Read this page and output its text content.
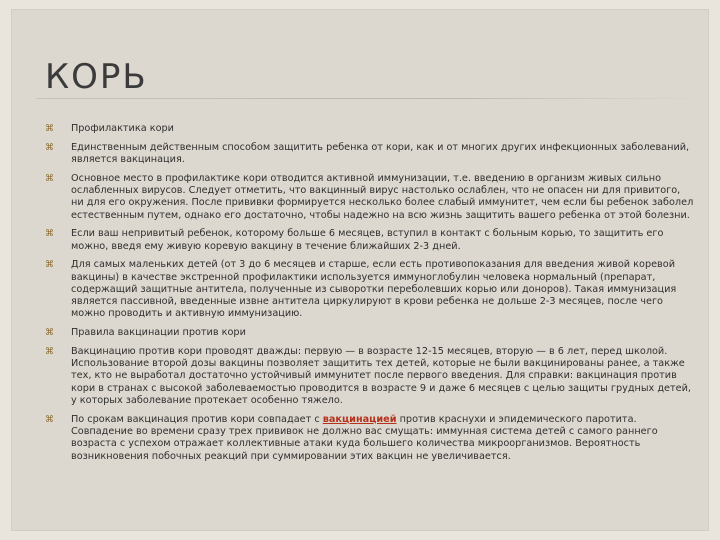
КОРЬ
⌘ Профилактика кори
⌘ Единственным действенным способом защитить ребенка от кори, как и от многих других инфекционных заболеваний, является вакцинация.
⌘ Основное место в профилактике кори отводится активной иммунизации, т.е. введению в организм живых сильно ослабленных вирусов. Следует отметить, что вакцинный вирус настолько ослаблен, что не опасен ни для привитого, ни для его окружения. После прививки формируется несколько более слабый иммунитет, чем если бы ребенок заболел естественным путем, однако его достаточно, чтобы надежно на всю жизнь защитить вашего ребенка от этой болезни.
⌘ Если ваш непривитый ребенок, которому больше 6 месяцев, вступил в контакт с больным корью, то защитить его можно, введя ему живую коревую вакцину в течение ближайших 2-3 дней.
⌘ Для самых маленьких детей (от 3 до 6 месяцев и старше, если есть противопоказания для введения живой коревой вакцины) в качестве экстренной профилактики используется иммуноглобулин человека нормальный (препарат, содержащий защитные антитела, полученные из сыворотки переболевших корью или доноров). Такая иммунизация является пассивной, введенные извне антитела циркулируют в крови ребенка не дольше 2-3 месяцев, после чего можно проводить и активную иммунизацию.
⌘ Правила вакцинации против кори
⌘ Вакцинацию против кори проводят дважды: первую — в возрасте 12-15 месяцев, вторую — в 6 лет, перед школой. Использование второй дозы вакцины позволяет защитить тех детей, которые не были вакцинированы ранее, а также тех, кто не выработал достаточно устойчивый иммунитет после первого введения. Для справки: вакцинация против кори в странах с высокой заболеваемостью проводится в возрасте 9 и даже 6 месяцев с целью защиты грудных детей, у которых заболевание протекает особенно тяжело.
⌘ По срокам вакцинация против кори совпадает с вакцинацией против краснухи и эпидемического паротита. Совпадение во времени сразу трех прививок не должно вас смущать: иммунная система детей с самого раннего возраста с успехом отражает коллективные атаки куда большего количества микроорганизмов. Вероятность возникновения побочных реакций при суммировании этих вакцин не увеличивается.
